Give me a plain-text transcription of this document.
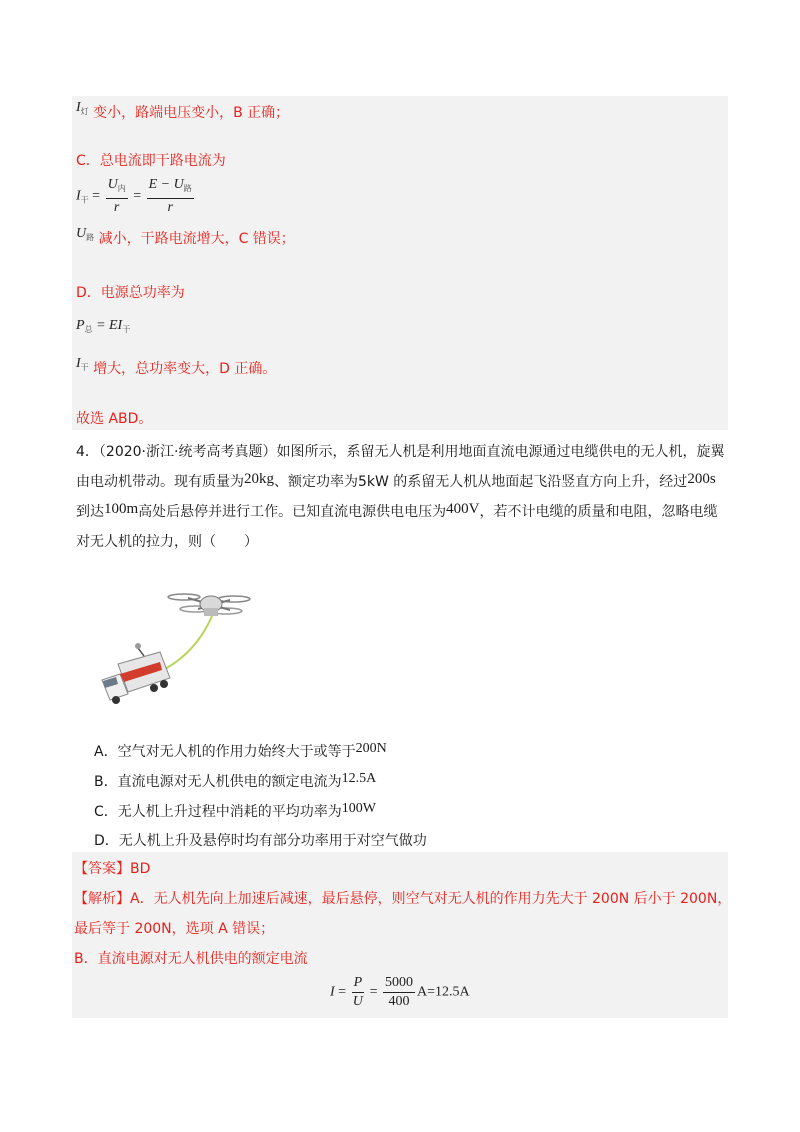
$I^灯$ 变小，路端电压变小，B 正确；
C．总电流即干路电流为
$I_干 = \frac{U_内}{r} = \frac{E - U_路}{r}$
$U^路$ 减小，干路电流增大，C 错误；
D．电源总功率为
$P_总 = EI_干$
$I^干$ 增大，总功率变大，D 正确。
故选 ABD。
4．（2020·浙江·统考高考真题）如图所示，系留无人机是利用地面直流电源通过电缆供电的无人机，旋翼
由电动机带动。现有质量为20kg、额定功率为5kW 的系留无人机从地面起飞沿竖直方向上升，经过200s
到达100m高处后悬停并进行工作。已知直流电源供电电压为400V，若不计电缆的质量和电阻，忽略电缆
对无人机的拉力，则（　　）
A．空气对无人机的作用力始终大于或等于200N
B．直流电源对无人机供电的额定电流为12.5A
C．无人机上升过程中消耗的平均功率为100W
D．无人机上升及悬停时均有部分功率用于对空气做功
【答案】BD
【解析】A．无人机先向上加速后减速，最后悬停，则空气对无人机的作用力先大于 200N 后小于 200N，
最后等于 200N，选项 A 错误；
B．直流电源对无人机供电的额定电流
$I = \frac{P}{U} = \frac{5000}{400} A=12.5A$
